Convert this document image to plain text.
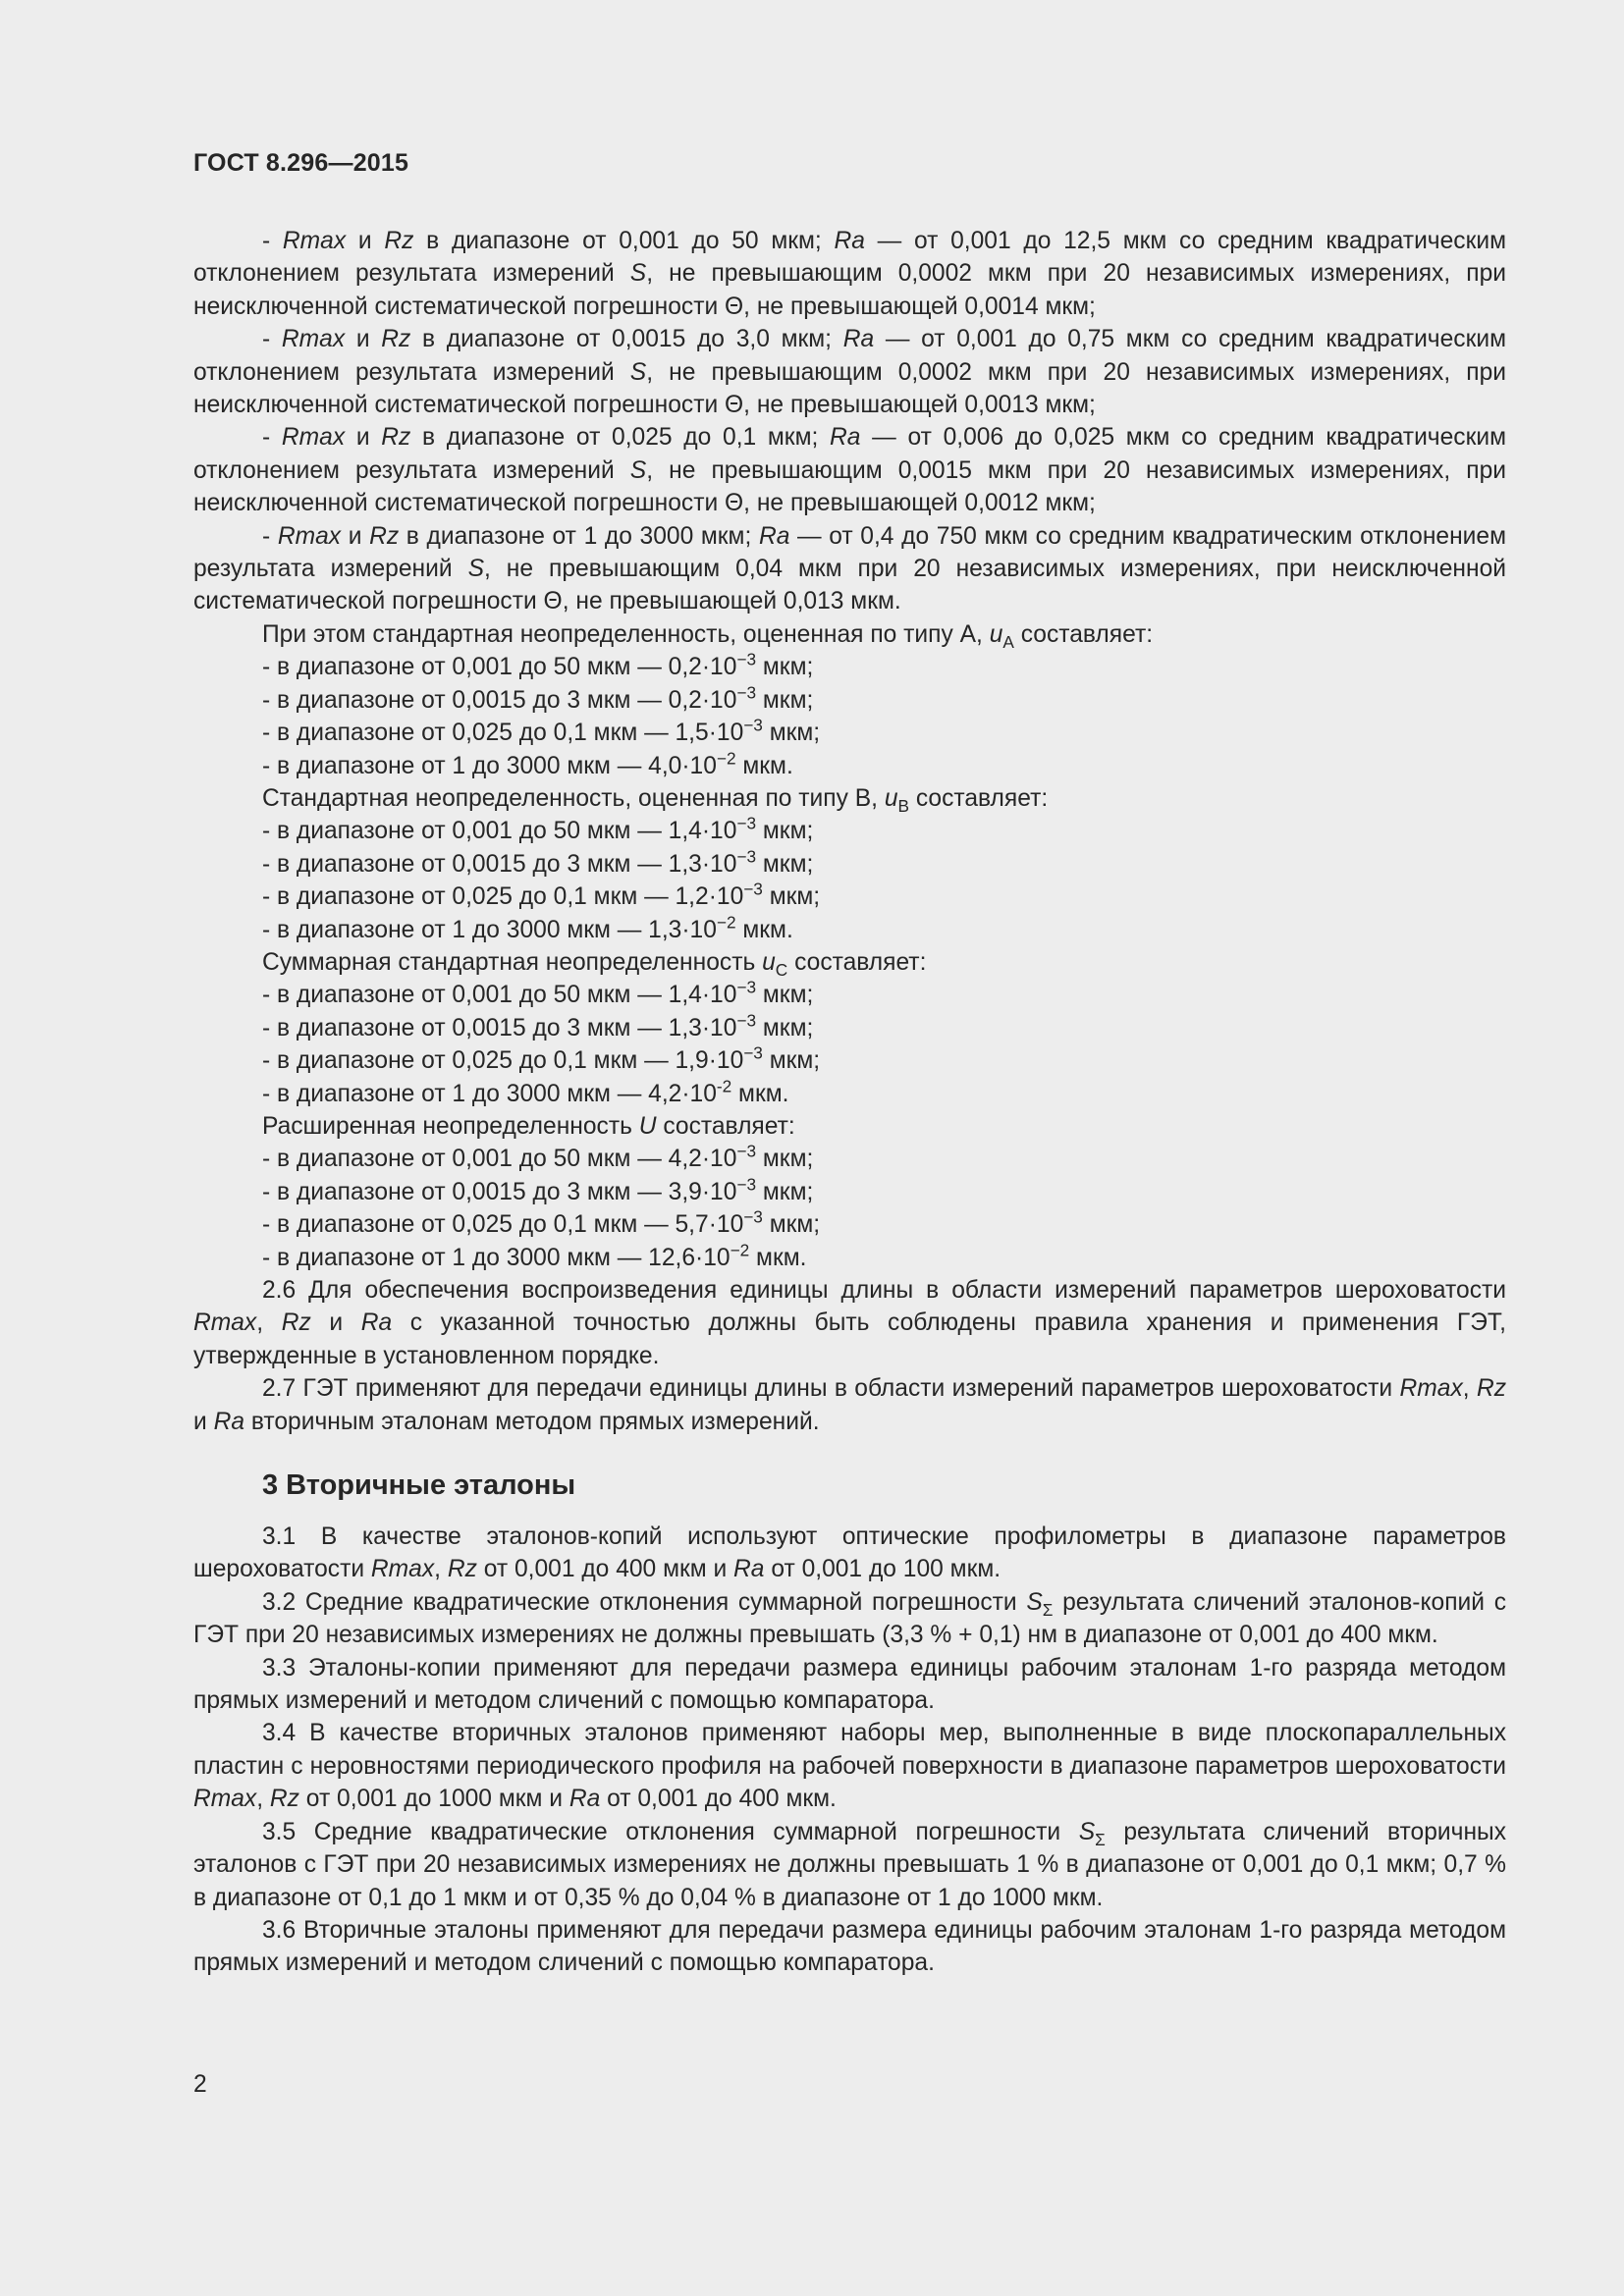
ГОСТ 8.296—2015

- Rmax и Rz в диапазоне от 0,001 до 50 мкм; Ra — от 0,001 до 12,5 мкм со средним квадратическим отклонением результата измерений S, не превышающим 0,0002 мкм при 20 независимых измерениях, при неисключенной систематической погрешности Θ, не превышающей 0,0014 мкм;

- Rmax и Rz в диапазоне от 0,0015 до 3,0 мкм; Ra — от 0,001 до 0,75 мкм со средним квадратическим отклонением результата измерений S, не превышающим 0,0002 мкм при 20 независимых измерениях, при неисключенной систематической погрешности Θ, не превышающей 0,0013 мкм;

- Rmax и Rz в диапазоне от 0,025 до 0,1 мкм; Ra — от 0,006 до 0,025 мкм со средним квадратическим отклонением результата измерений S, не превышающим 0,0015 мкм при 20 независимых измерениях, при неисключенной систематической погрешности Θ, не превышающей 0,0012 мкм;

- Rmax и Rz в диапазоне от 1 до 3000 мкм; Ra — от 0,4 до 750 мкм со средним квадратическим отклонением результата измерений S, не превышающим 0,04 мкм при 20 независимых измерениях, при неисключенной систематической погрешности Θ, не превышающей 0,013 мкм.

При этом стандартная неопределенность, оцененная по типу А, $u_A$ составляет:

- в диапазоне от 0,001 до 50 мкм — $0,2\cdot 10^{-3}$ мкм;

- в диапазоне от 0,0015 до 3 мкм — $0,2\cdot 10^{-3}$ мкм;

- в диапазоне от 0,025 до 0,1 мкм — $1,5\cdot 10^{-3}$ мкм;

- в диапазоне от 1 до 3000 мкм — $4,0\cdot 10^{-2}$ мкм.

Стандартная неопределенность, оцененная по типу В, $u_B$ составляет:

- в диапазоне от 0,001 до 50 мкм — $1,4\cdot 10^{-3}$ мкм;

- в диапазоне от 0,0015 до 3 мкм — $1,3\cdot 10^{-3}$ мкм;

- в диапазоне от 0,025 до 0,1 мкм — $1,2\cdot 10^{-3}$ мкм;

- в диапазоне от 1 до 3000 мкм — $1,3\cdot 10^{-2}$ мкм.

Суммарная стандартная неопределенность $u_C$ составляет:

- в диапазоне от 0,001 до 50 мкм — $1,4\cdot 10^{-3}$ мкм;

- в диапазоне от 0,0015 до 3 мкм — $1,3\cdot 10^{-3}$ мкм;

- в диапазоне от 0,025 до 0,1 мкм — $1,9\cdot 10^{-3}$ мкм;

- в диапазоне от 1 до 3000 мкм — $4,2\cdot 10^{-2}$ мкм.

Расширенная неопределенность U составляет:

- в диапазоне от 0,001 до 50 мкм — $4,2\cdot 10^{-3}$ мкм;

- в диапазоне от 0,0015 до 3 мкм — $3,9\cdot 10^{-3}$ мкм;

- в диапазоне от 0,025 до 0,1 мкм — $5,7\cdot 10^{-3}$ мкм;

- в диапазоне от 1 до 3000 мкм — $12,6\cdot 10^{-2}$ мкм.

2.6 Для обеспечения воспроизведения единицы длины в области измерений параметров шероховатости Rmax, Rz и Ra с указанной точностью должны быть соблюдены правила хранения и применения ГЭТ, утвержденные в установленном порядке.

2.7 ГЭТ применяют для передачи единицы длины в области измерений параметров шероховатости Rmax, Rz и Ra вторичным эталонам методом прямых измерений.

3 Вторичные эталоны

3.1 В качестве эталонов-копий используют оптические профилометры в диапазоне параметров шероховатости Rmax, Rz от 0,001 до 400 мкм и Ra от 0,001 до 100 мкм.

3.2 Средние квадратические отклонения суммарной погрешности $S_\Sigma$ результата сличений эталонов-копий с ГЭТ при 20 независимых измерениях не должны превышать (3,3 % + 0,1) нм в диапазоне от 0,001 до 400 мкм.

3.3 Эталоны-копии применяют для передачи размера единицы рабочим эталонам 1-го разряда методом прямых измерений и методом сличений с помощью компаратора.

3.4 В качестве вторичных эталонов применяют наборы мер, выполненные в виде плоскопараллельных пластин с неровностями периодического профиля на рабочей поверхности в диапазоне параметров шероховатости Rmax, Rz от 0,001 до 1000 мкм и Ra от 0,001 до 400 мкм.

3.5 Средние квадратические отклонения суммарной погрешности $S_\Sigma$ результата сличений вторичных эталонов с ГЭТ при 20 независимых измерениях не должны превышать 1 % в диапазоне от 0,001 до 0,1 мкм; 0,7 % в диапазоне от 0,1 до 1 мкм и от 0,35 % до 0,04 % в диапазоне от 1 до 1000 мкм.

3.6 Вторичные эталоны применяют для передачи размера единицы рабочим эталонам 1-го разряда методом прямых измерений и методом сличений с помощью компаратора.

2
